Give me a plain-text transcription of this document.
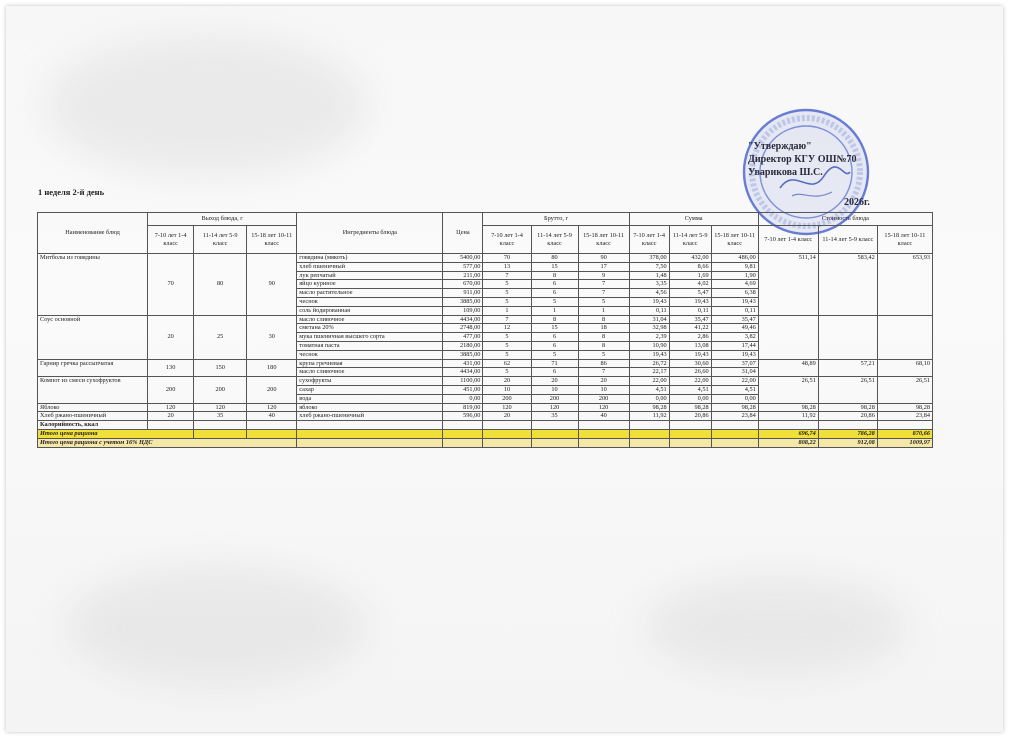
"Утверждаю"
Директор КГУ ОШ№70
Уварикова Ш.С.
2026г.
1 неделя 2-й день
Наименование блюд	Выход блюда, г			Ингредиенты блюда	Цена	Брутто, г			Сумма			Стоимость блюда		
	7-10 лет 1-4 класс	11-14 лет 5-9 класс	15-18 лет 10-11 класс			7-10 лет 1-4 класс	11-14 лет 5-9 класс	15-18 лет 10-11 класс	7-10 лет 1-4 класс	11-14 лет 5-9 класс	15-18 лет 10-11 класс	7-10 лет 1-4 класс	11-14 лет 5-9 класс	15-18 лет 10-11 класс
Митболы из говядины	70	80	90	говядина (мякоть)	5400,00	70	80	90	378,00	432,00	486,00	511,14	583,42	653,93
				хлеб пшеничный	577,00	13	15	17	7,50	8,66	9,81			
				лук репчатый	211,00	7	8	9	1,48	1,69	1,90			
				яйцо куриное	670,00	5	6	7	3,35	4,02	4,69			
				масло растительное	911,00	5	6	7	4,56	5,47	6,38			
				чеснок	3885,00	5	5	5	19,43	19,43	19,43			
				соль йодированная	109,00	1	1	1	0,11	0,11	0,11			
Соус основной	20	25	30	масло сливочное	4434,00	7	8	8	31,04	35,47	35,47			
				сметана 20%	2748,00	12	15	18	32,98	41,22	49,46			
				мука пшеничная высшего сорта	477,00	5	6	8	2,39	2,86	3,82			
				томатная паста	2180,00	5	6	8	10,90	13,08	17,44			
				чеснок	3885,00	5	5	5	19,43	19,43	19,43			
Гарнир гречка рассыпчатая	130	150	180	крупа гречневая	431,00	62	71	86	26,72	30,60	37,07	48,89	57,21	68,10
				масло сливочное	4434,00	5	6	7	22,17	26,60	31,04			
Компот из смеси сухофруктов	200	200	200	сухофрукты	1100,00	20	20	20	22,00	22,00	22,00	26,51	26,51	26,51
				сахар	451,00	10	10	10	4,51	4,51	4,51			
				вода	0,00	200	200	200	0,00	0,00	0,00			
Яблоко	120	120	120	яблоко	819,00	120	120	120	98,28	98,28	98,28	98,28	98,28	98,28
Хлеб ржано-пшеничный	20	35	40	хлеб ржано-пшеничный	596,00	20	35	40	11,92	20,86	23,84	11,92	20,86	23,84
Калорийность, ккал														
Итого цена рациона												696,74	786,28	870,66
Итого цена рациона с учетом 16% НДС												808,22	912,08	1009,97
